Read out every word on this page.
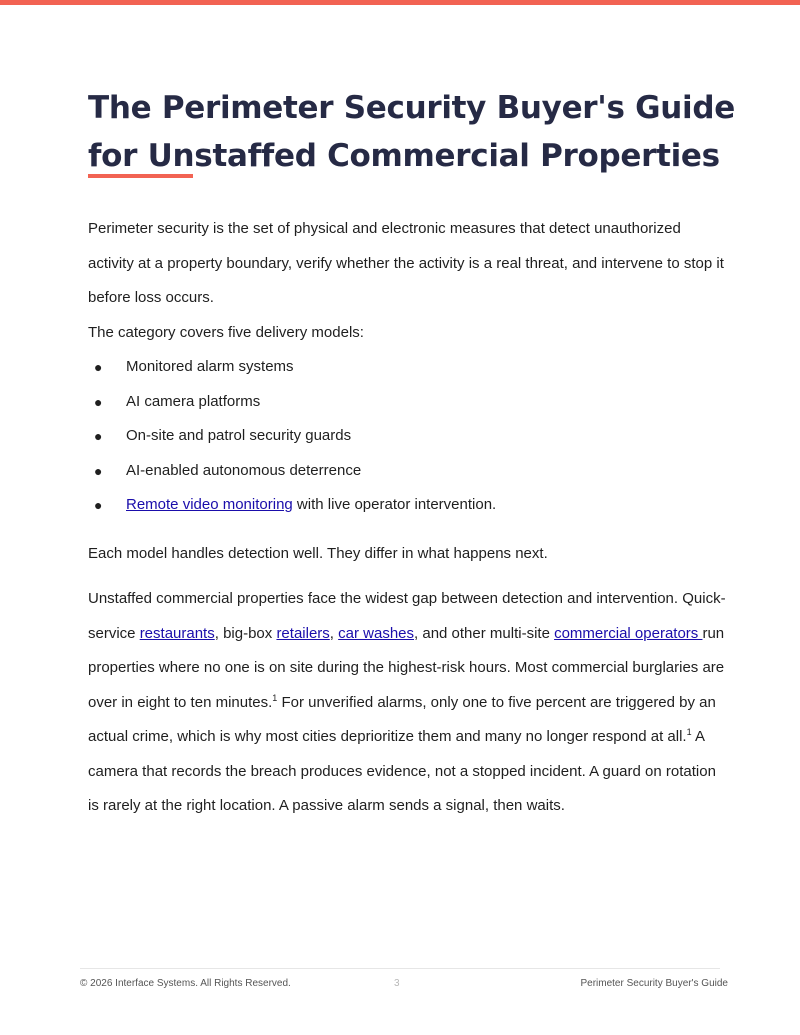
The Perimeter Security Buyer's Guide
for Unstaffed Commercial Properties

Perimeter security is the set of physical and electronic measures that detect unauthorized activity at a property boundary, verify whether the activity is a real threat, and intervene to stop it before loss occurs.

The category covers five delivery models:

● Monitored alarm systems
● AI camera platforms
● On-site and patrol security guards
● AI-enabled autonomous deterrence
● Remote video monitoring with live operator intervention.

Each model handles detection well. They differ in what happens next.

Unstaffed commercial properties face the widest gap between detection and intervention. Quick-service restaurants, big-box retailers, car washes, and other multi-site commercial operators run properties where no one is on site during the highest-risk hours. Most commercial burglaries are over in eight to ten minutes.$^1$ For unverified alarms, only one to five percent are triggered by an actual crime, which is why most cities deprioritize them and many no longer respond at all.$^1$ A camera that records the breach produces evidence, not a stopped incident. A guard on rotation is rarely at the right location. A passive alarm sends a signal, then waits.

© 2026 Interface Systems. All Rights Reserved.	3	Perimeter Security Buyer's Guide
